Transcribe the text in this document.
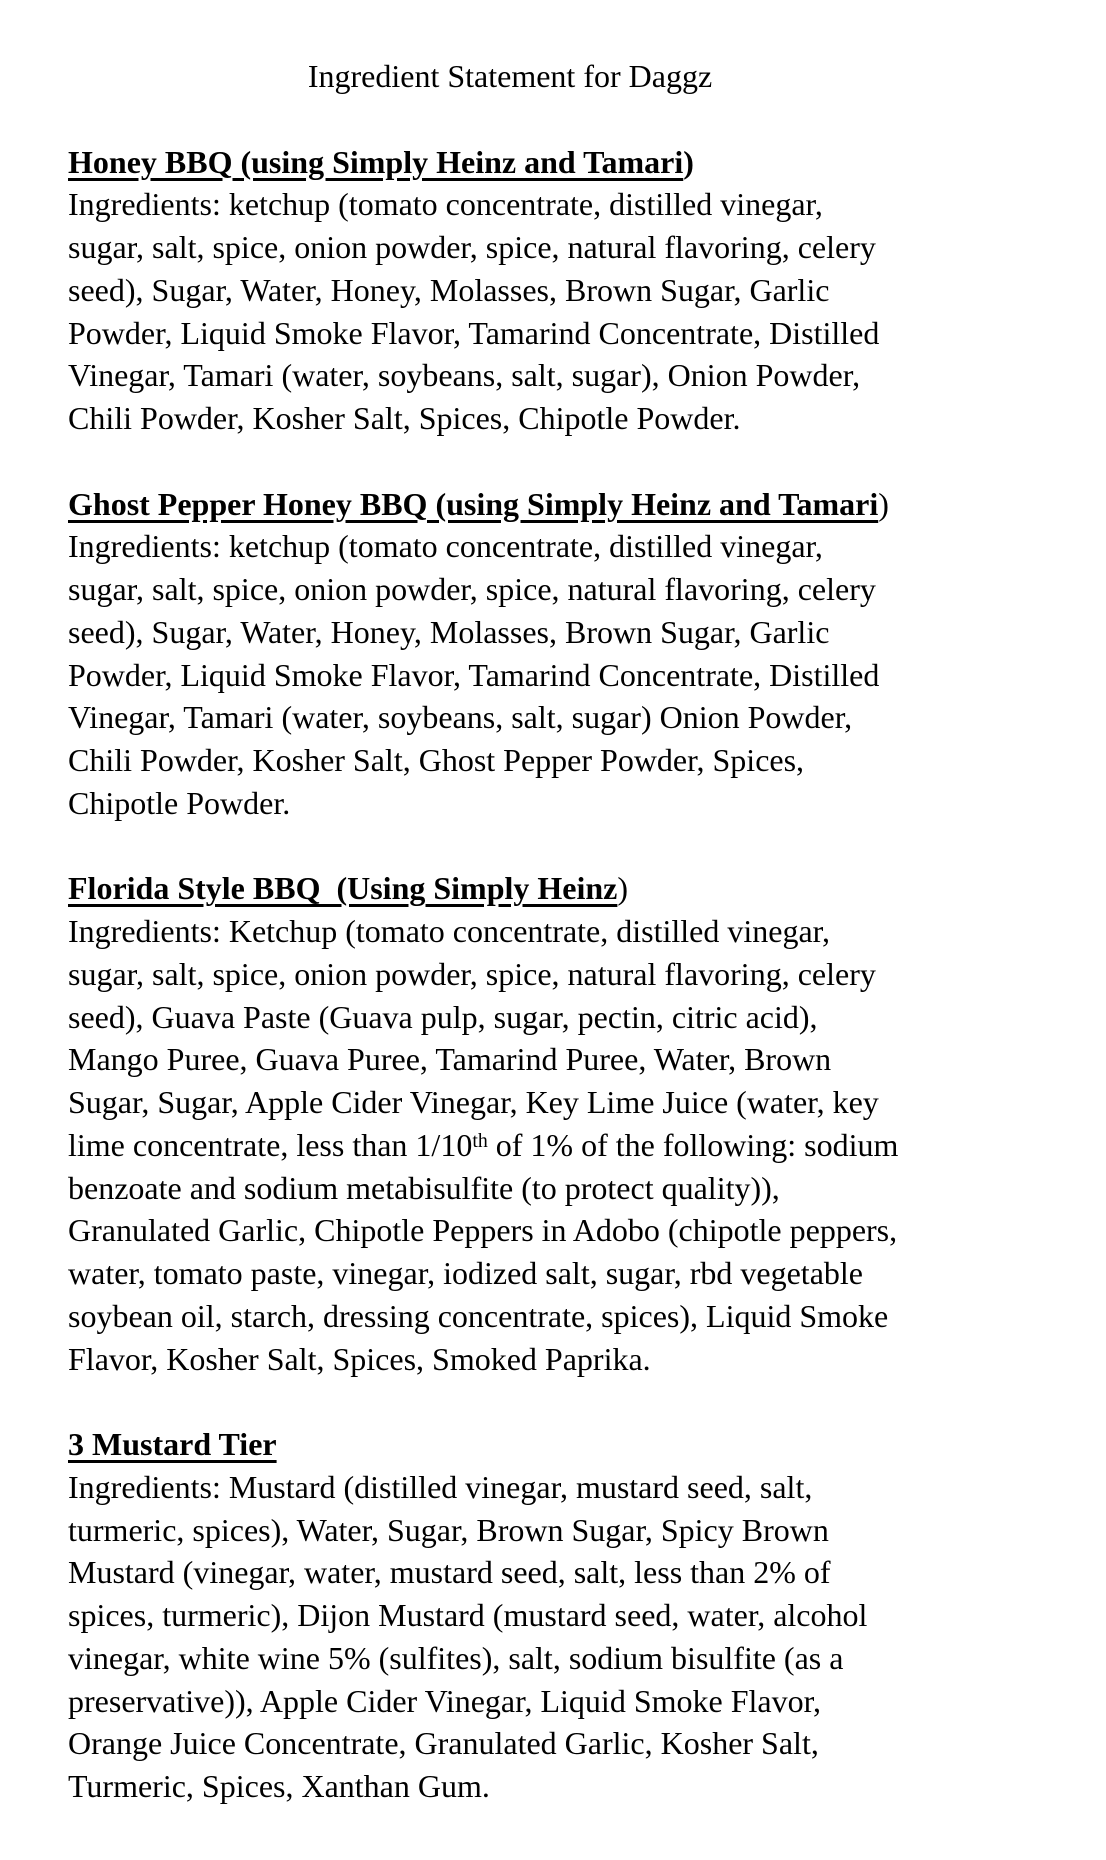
Ingredient Statement for Daggz
Honey BBQ (using Simply Heinz and Tamari)
Ingredients: ketchup (tomato concentrate, distilled vinegar,
sugar, salt, spice, onion powder, spice, natural flavoring, celery
seed), Sugar, Water, Honey, Molasses, Brown Sugar, Garlic
Powder, Liquid Smoke Flavor, Tamarind Concentrate, Distilled
Vinegar, Tamari (water, soybeans, salt, sugar), Onion Powder,
Chili Powder, Kosher Salt, Spices, Chipotle Powder.
Ghost Pepper Honey BBQ (using Simply Heinz and Tamari)
Ingredients: ketchup (tomato concentrate, distilled vinegar,
sugar, salt, spice, onion powder, spice, natural flavoring, celery
seed), Sugar, Water, Honey, Molasses, Brown Sugar, Garlic
Powder, Liquid Smoke Flavor, Tamarind Concentrate, Distilled
Vinegar, Tamari (water, soybeans, salt, sugar) Onion Powder,
Chili Powder, Kosher Salt, Ghost Pepper Powder, Spices,
Chipotle Powder.
Florida Style BBQ  (Using Simply Heinz)
Ingredients: Ketchup (tomato concentrate, distilled vinegar,
sugar, salt, spice, onion powder, spice, natural flavoring, celery
seed), Guava Paste (Guava pulp, sugar, pectin, citric acid),
Mango Puree, Guava Puree, Tamarind Puree, Water, Brown
Sugar, Sugar, Apple Cider Vinegar, Key Lime Juice (water, key
lime concentrate, less than 1/10th of 1% of the following: sodium
benzoate and sodium metabisulfite (to protect quality)),
Granulated Garlic, Chipotle Peppers in Adobo (chipotle peppers,
water, tomato paste, vinegar, iodized salt, sugar, rbd vegetable
soybean oil, starch, dressing concentrate, spices), Liquid Smoke
Flavor, Kosher Salt, Spices, Smoked Paprika.
3 Mustard Tier
Ingredients: Mustard (distilled vinegar, mustard seed, salt,
turmeric, spices), Water, Sugar, Brown Sugar, Spicy Brown
Mustard (vinegar, water, mustard seed, salt, less than 2% of
spices, turmeric), Dijon Mustard (mustard seed, water, alcohol
vinegar, white wine 5% (sulfites), salt, sodium bisulfite (as a
preservative)), Apple Cider Vinegar, Liquid Smoke Flavor,
Orange Juice Concentrate, Granulated Garlic, Kosher Salt,
Turmeric, Spices, Xanthan Gum.
